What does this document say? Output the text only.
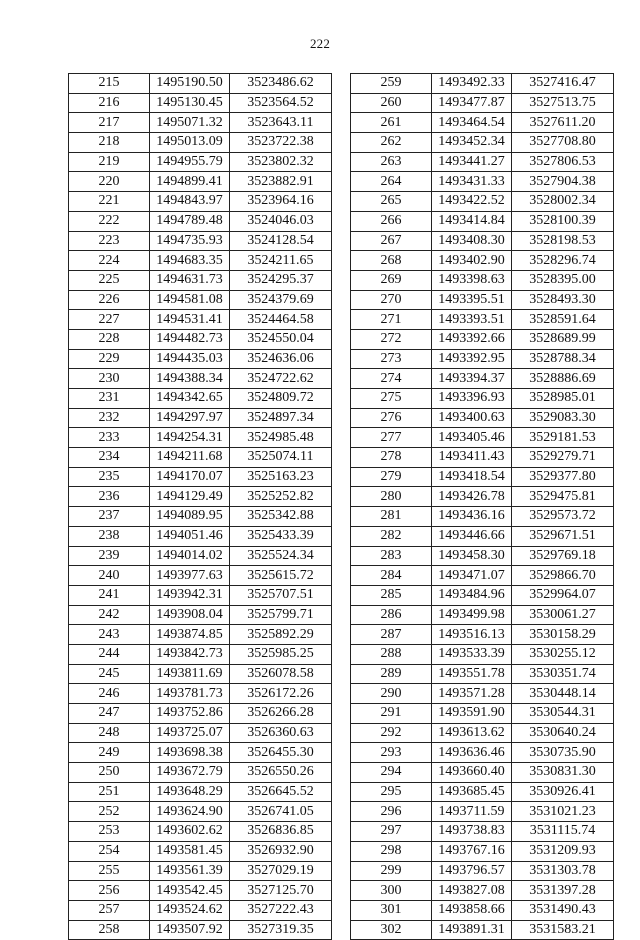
222
215	1495190.50	3523486.62
216	1495130.45	3523564.52
217	1495071.32	3523643.11
218	1495013.09	3523722.38
219	1494955.79	3523802.32
220	1494899.41	3523882.91
221	1494843.97	3523964.16
222	1494789.48	3524046.03
223	1494735.93	3524128.54
224	1494683.35	3524211.65
225	1494631.73	3524295.37
226	1494581.08	3524379.69
227	1494531.41	3524464.58
228	1494482.73	3524550.04
229	1494435.03	3524636.06
230	1494388.34	3524722.62
231	1494342.65	3524809.72
232	1494297.97	3524897.34
233	1494254.31	3524985.48
234	1494211.68	3525074.11
235	1494170.07	3525163.23
236	1494129.49	3525252.82
237	1494089.95	3525342.88
238	1494051.46	3525433.39
239	1494014.02	3525524.34
240	1493977.63	3525615.72
241	1493942.31	3525707.51
242	1493908.04	3525799.71
243	1493874.85	3525892.29
244	1493842.73	3525985.25
245	1493811.69	3526078.58
246	1493781.73	3526172.26
247	1493752.86	3526266.28
248	1493725.07	3526360.63
249	1493698.38	3526455.30
250	1493672.79	3526550.26
251	1493648.29	3526645.52
252	1493624.90	3526741.05
253	1493602.62	3526836.85
254	1493581.45	3526932.90
255	1493561.39	3527029.19
256	1493542.45	3527125.70
257	1493524.62	3527222.43
258	1493507.92	3527319.35
259	1493492.33	3527416.47
260	1493477.87	3527513.75
261	1493464.54	3527611.20
262	1493452.34	3527708.80
263	1493441.27	3527806.53
264	1493431.33	3527904.38
265	1493422.52	3528002.34
266	1493414.84	3528100.39
267	1493408.30	3528198.53
268	1493402.90	3528296.74
269	1493398.63	3528395.00
270	1493395.51	3528493.30
271	1493393.51	3528591.64
272	1493392.66	3528689.99
273	1493392.95	3528788.34
274	1493394.37	3528886.69
275	1493396.93	3528985.01
276	1493400.63	3529083.30
277	1493405.46	3529181.53
278	1493411.43	3529279.71
279	1493418.54	3529377.80
280	1493426.78	3529475.81
281	1493436.16	3529573.72
282	1493446.66	3529671.51
283	1493458.30	3529769.18
284	1493471.07	3529866.70
285	1493484.96	3529964.07
286	1493499.98	3530061.27
287	1493516.13	3530158.29
288	1493533.39	3530255.12
289	1493551.78	3530351.74
290	1493571.28	3530448.14
291	1493591.90	3530544.31
292	1493613.62	3530640.24
293	1493636.46	3530735.90
294	1493660.40	3530831.30
295	1493685.45	3530926.41
296	1493711.59	3531021.23
297	1493738.83	3531115.74
298	1493767.16	3531209.93
299	1493796.57	3531303.78
300	1493827.08	3531397.28
301	1493858.66	3531490.43
302	1493891.31	3531583.21
